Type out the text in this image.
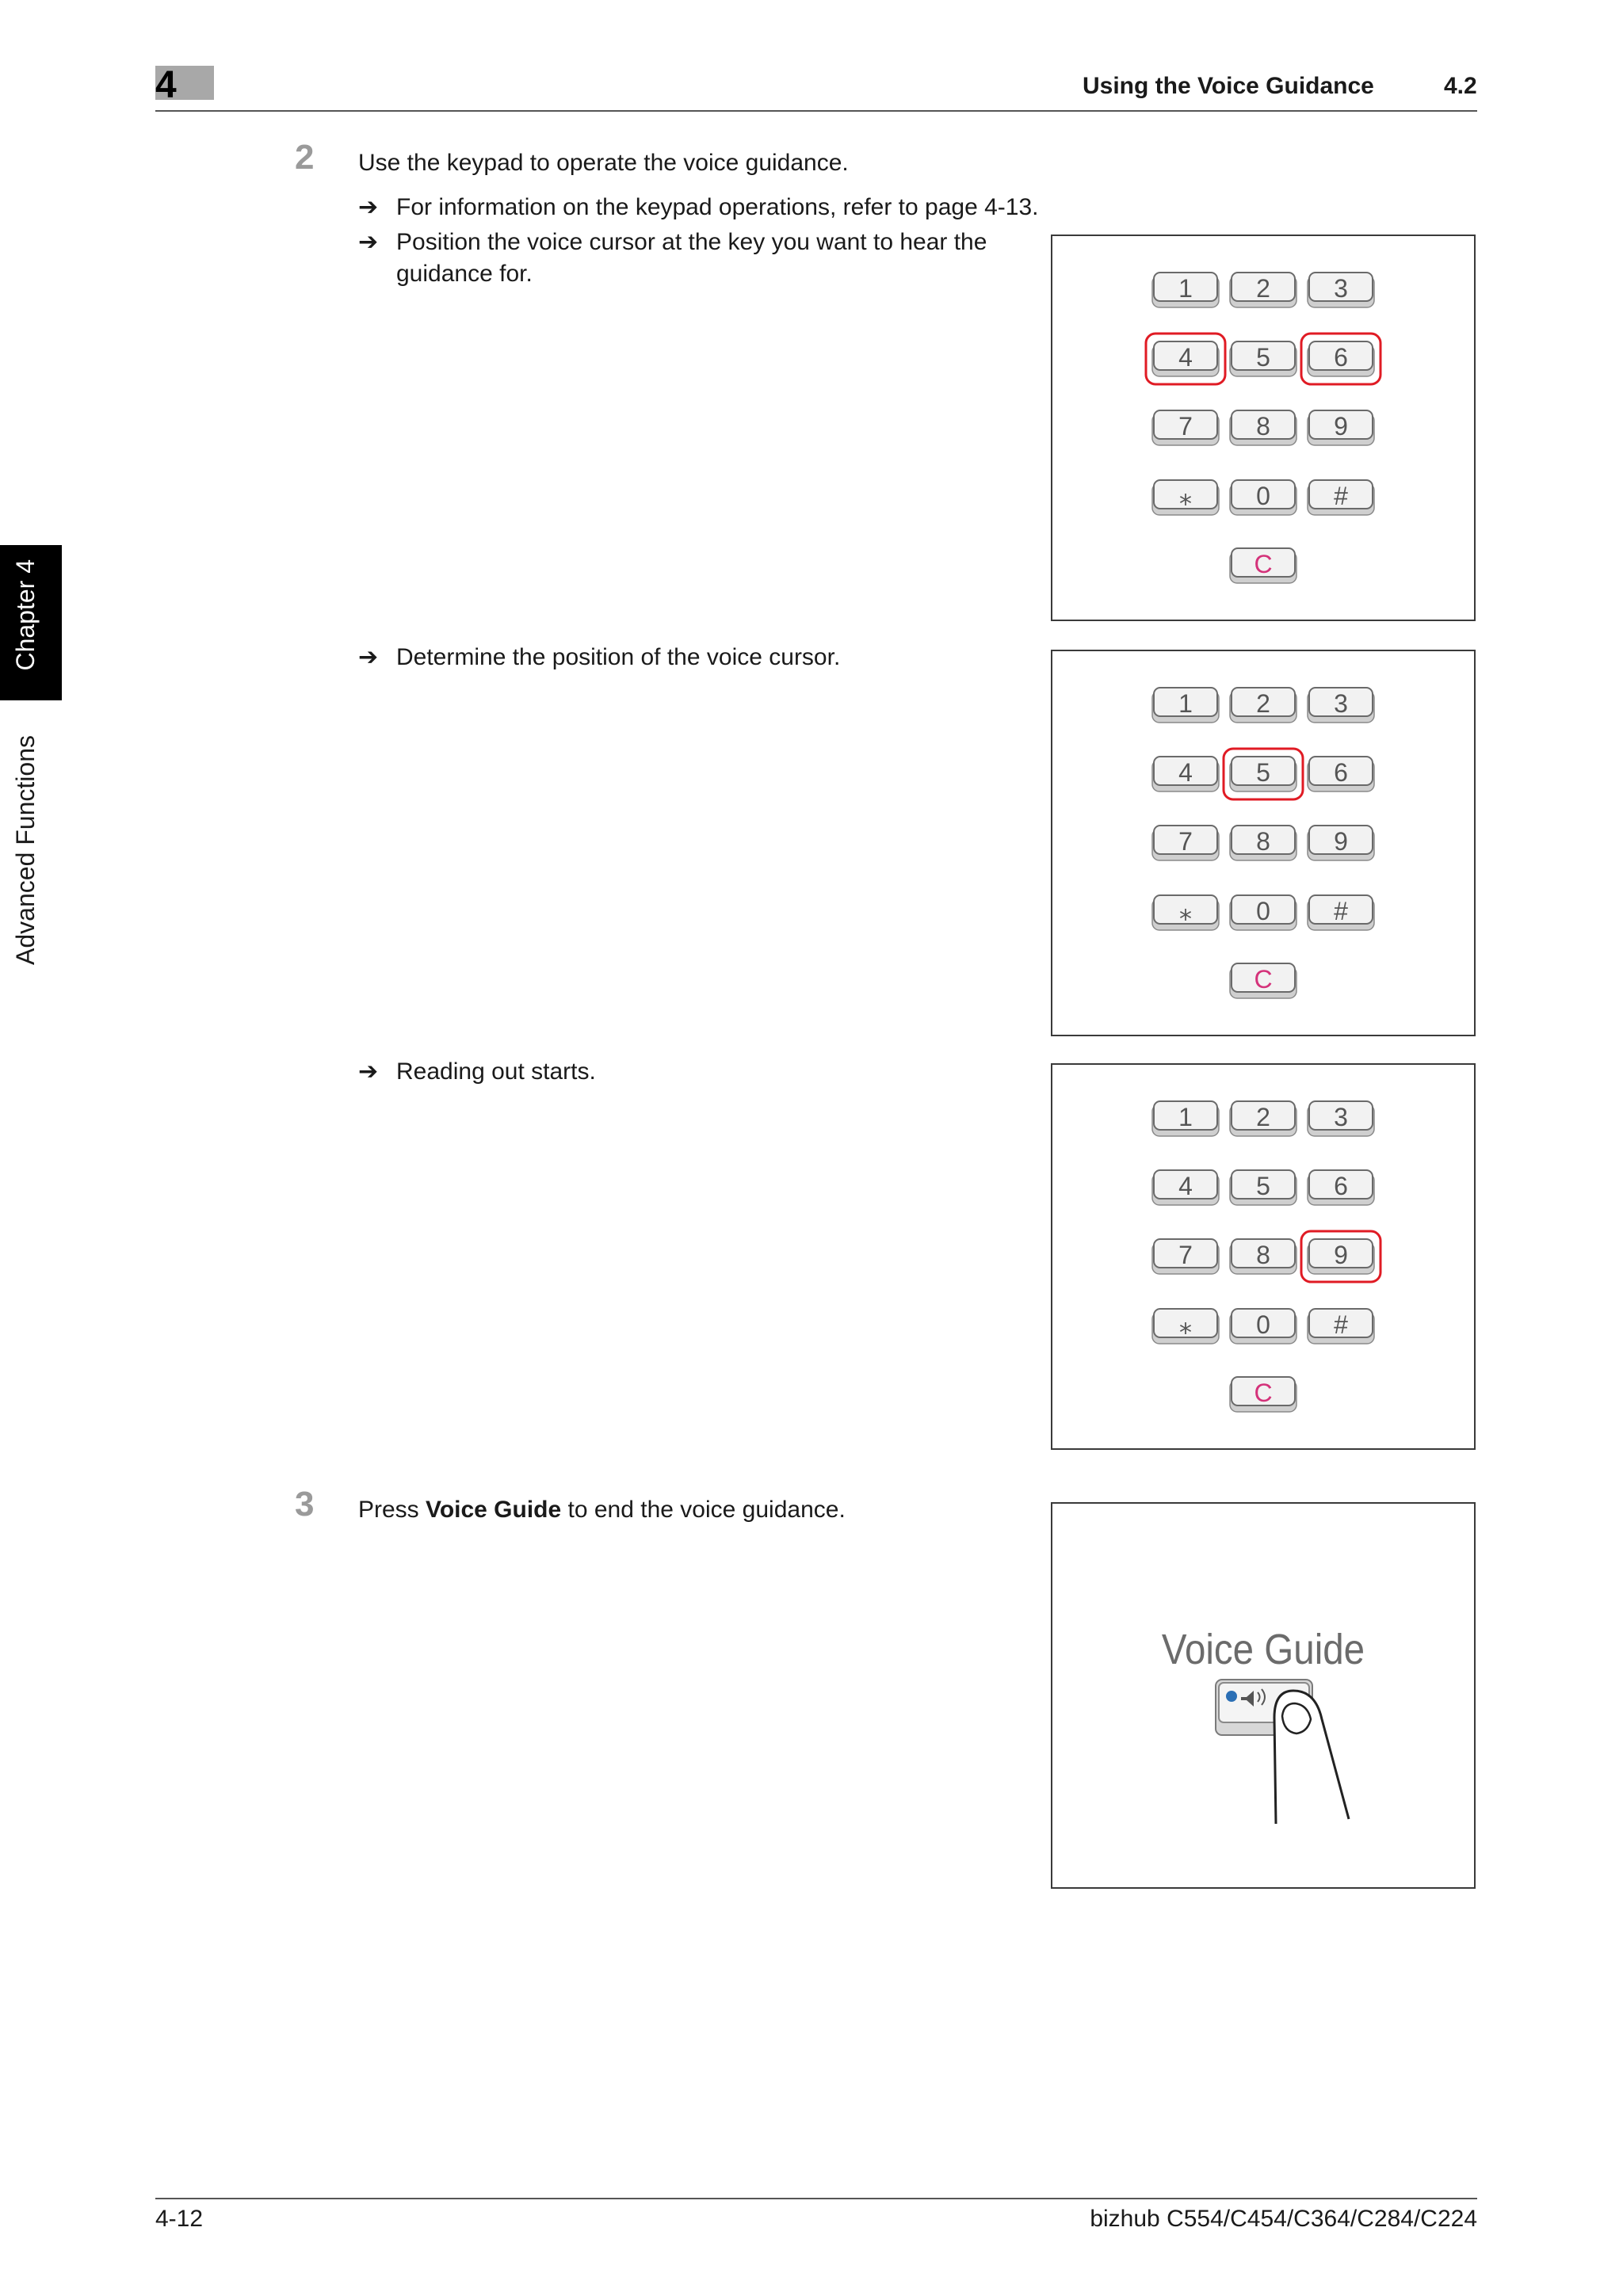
4	Using the Voice Guidance	4.2
Chapter 4
Advanced Functions
2 Use the keypad to operate the voice guidance.
➔ For information on the keypad operations, refer to page 4-13.
➔ Position the voice cursor at the key you want to hear the guidance for.
➔ Determine the position of the voice cursor.
➔ Reading out starts.
1	2	3
4	5	6
7	8	9
⁎	0	#
C
1	2	3
4	5	6
7	8	9
⁎	0	#
C
1	2	3
4	5	6
7	8	9
⁎	0	#
C
3 Press Voice Guide to end the voice guidance.
Voice Guide
4-12	bizhub C554/C454/C364/C284/C224
